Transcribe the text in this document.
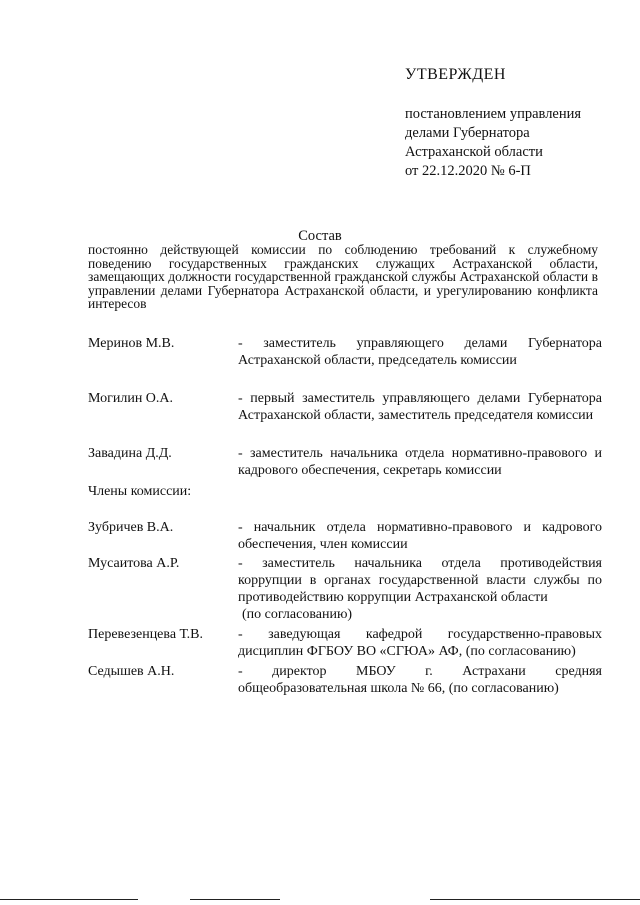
УТВЕРЖДЕН
постановлением управления
делами Губернатора
Астраханской области
от 22.12.2020 № 6-П
Состав
постоянно действующей комиссии по соблюдению требований к служебному поведению государственных гражданских служащих Астраханской области, замещающих должности государственной гражданской службы Астраханской области в управлении делами Губернатора Астраханской области, и урегулированию конфликта интересов
Меринов М.В.	- заместитель управляющего делами Губернатора Астраханской области, председатель комиссии
Могилин О.А.	- первый заместитель управляющего делами Губернатора Астраханской области, заместитель председателя комиссии
Завадина Д.Д.	- заместитель начальника отдела нормативно-правового и кадрового обеспечения, секретарь комиссии
Члены комиссии:
Зубричев В.А.	- начальник отдела нормативно-правового и кадрового обеспечения, член комиссии
Мусаитова А.Р.	- заместитель начальника отдела противодействия коррупции в органах государственной власти службы по противодействию коррупции Астраханской области
(по согласованию)
Перевезенцева Т.В.	- заведующая кафедрой государственно-правовых дисциплин ФГБОУ ВО «СГЮА» АФ, (по согласованию)
Седышев А.Н.	- директор МБОУ г. Астрахани средняя общеобразовательная школа № 66, (по согласованию)
